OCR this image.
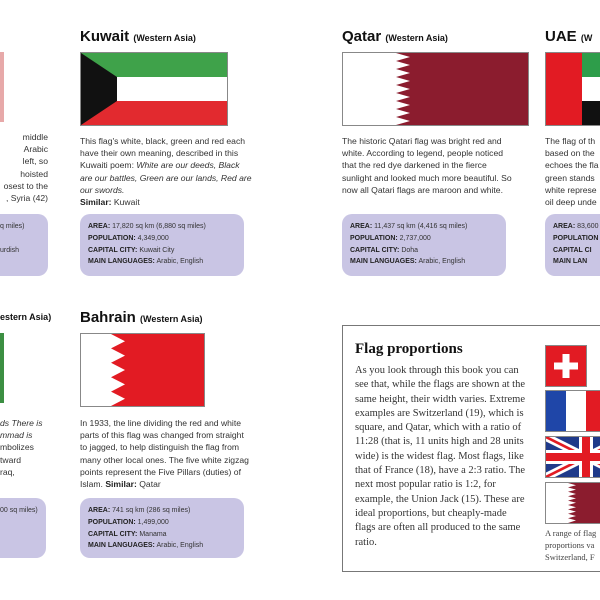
middle
Arabic
left, so
hoisted
osest to the
, Syria (42)
q miles)
urdish
estern Asia)
ds There is
mmad is
mbolizes
tward
raq,
00 sq miles)
Kuwait (Western Asia)
This flag's white, black, green and red each have their own meaning, described in this Kuwaiti poem: White are our deeds, Black are our battles, Green are our lands, Red are our swords.
Similar: Kuwait
AREA: 17,820 sq km (6,880 sq miles)
POPULATION: 4,349,000
CAPITAL CITY: Kuwait City
MAIN LANGUAGES: Arabic, English
Bahrain (Western Asia)
In 1933, the line dividing the red and white parts of this flag was changed from straight to jagged, to help distinguish the flag from many other local ones. The five white zigzag points represent the Five Pillars (duties) of Islam. Similar: Qatar
AREA: 741 sq km (286 sq miles)
POPULATION: 1,499,000
CAPITAL CITY: Manama
MAIN LANGUAGES: Arabic, English
Qatar (Western Asia)
The historic Qatari flag was bright red and white. According to legend, people noticed that the red dye darkened in the fierce sunlight and looked much more beautiful. So now all Qatari flags are maroon and white.
AREA: 11,437 sq km (4,416 sq miles)
POPULATION: 2,737,000
CAPITAL CITY: Doha
MAIN LANGUAGES: Arabic, English
UAE (W
The flag of th
based on the
echoes the fla
green stands
white represe
oil deep unde
AREA: 83,600
POPULATION
CAPITAL CI
MAIN LAN
Flag proportions
As you look through this book you can see that, while the flags are shown at the same height, their width varies. Extreme examples are Switzerland (19), which is square, and Qatar, which with a ratio of 11:28 (that is, 11 units high and 28 units wide) is the widest flag. Most flags, like that of France (18), have a 2:3 ratio. The next most popular ratio is 1:2, for example, the Union Jack (15). These are ideal proportions, but cheaply-made flags are often all produced to the same ratio.
A range of flag
proportions va
Switzerland, F
